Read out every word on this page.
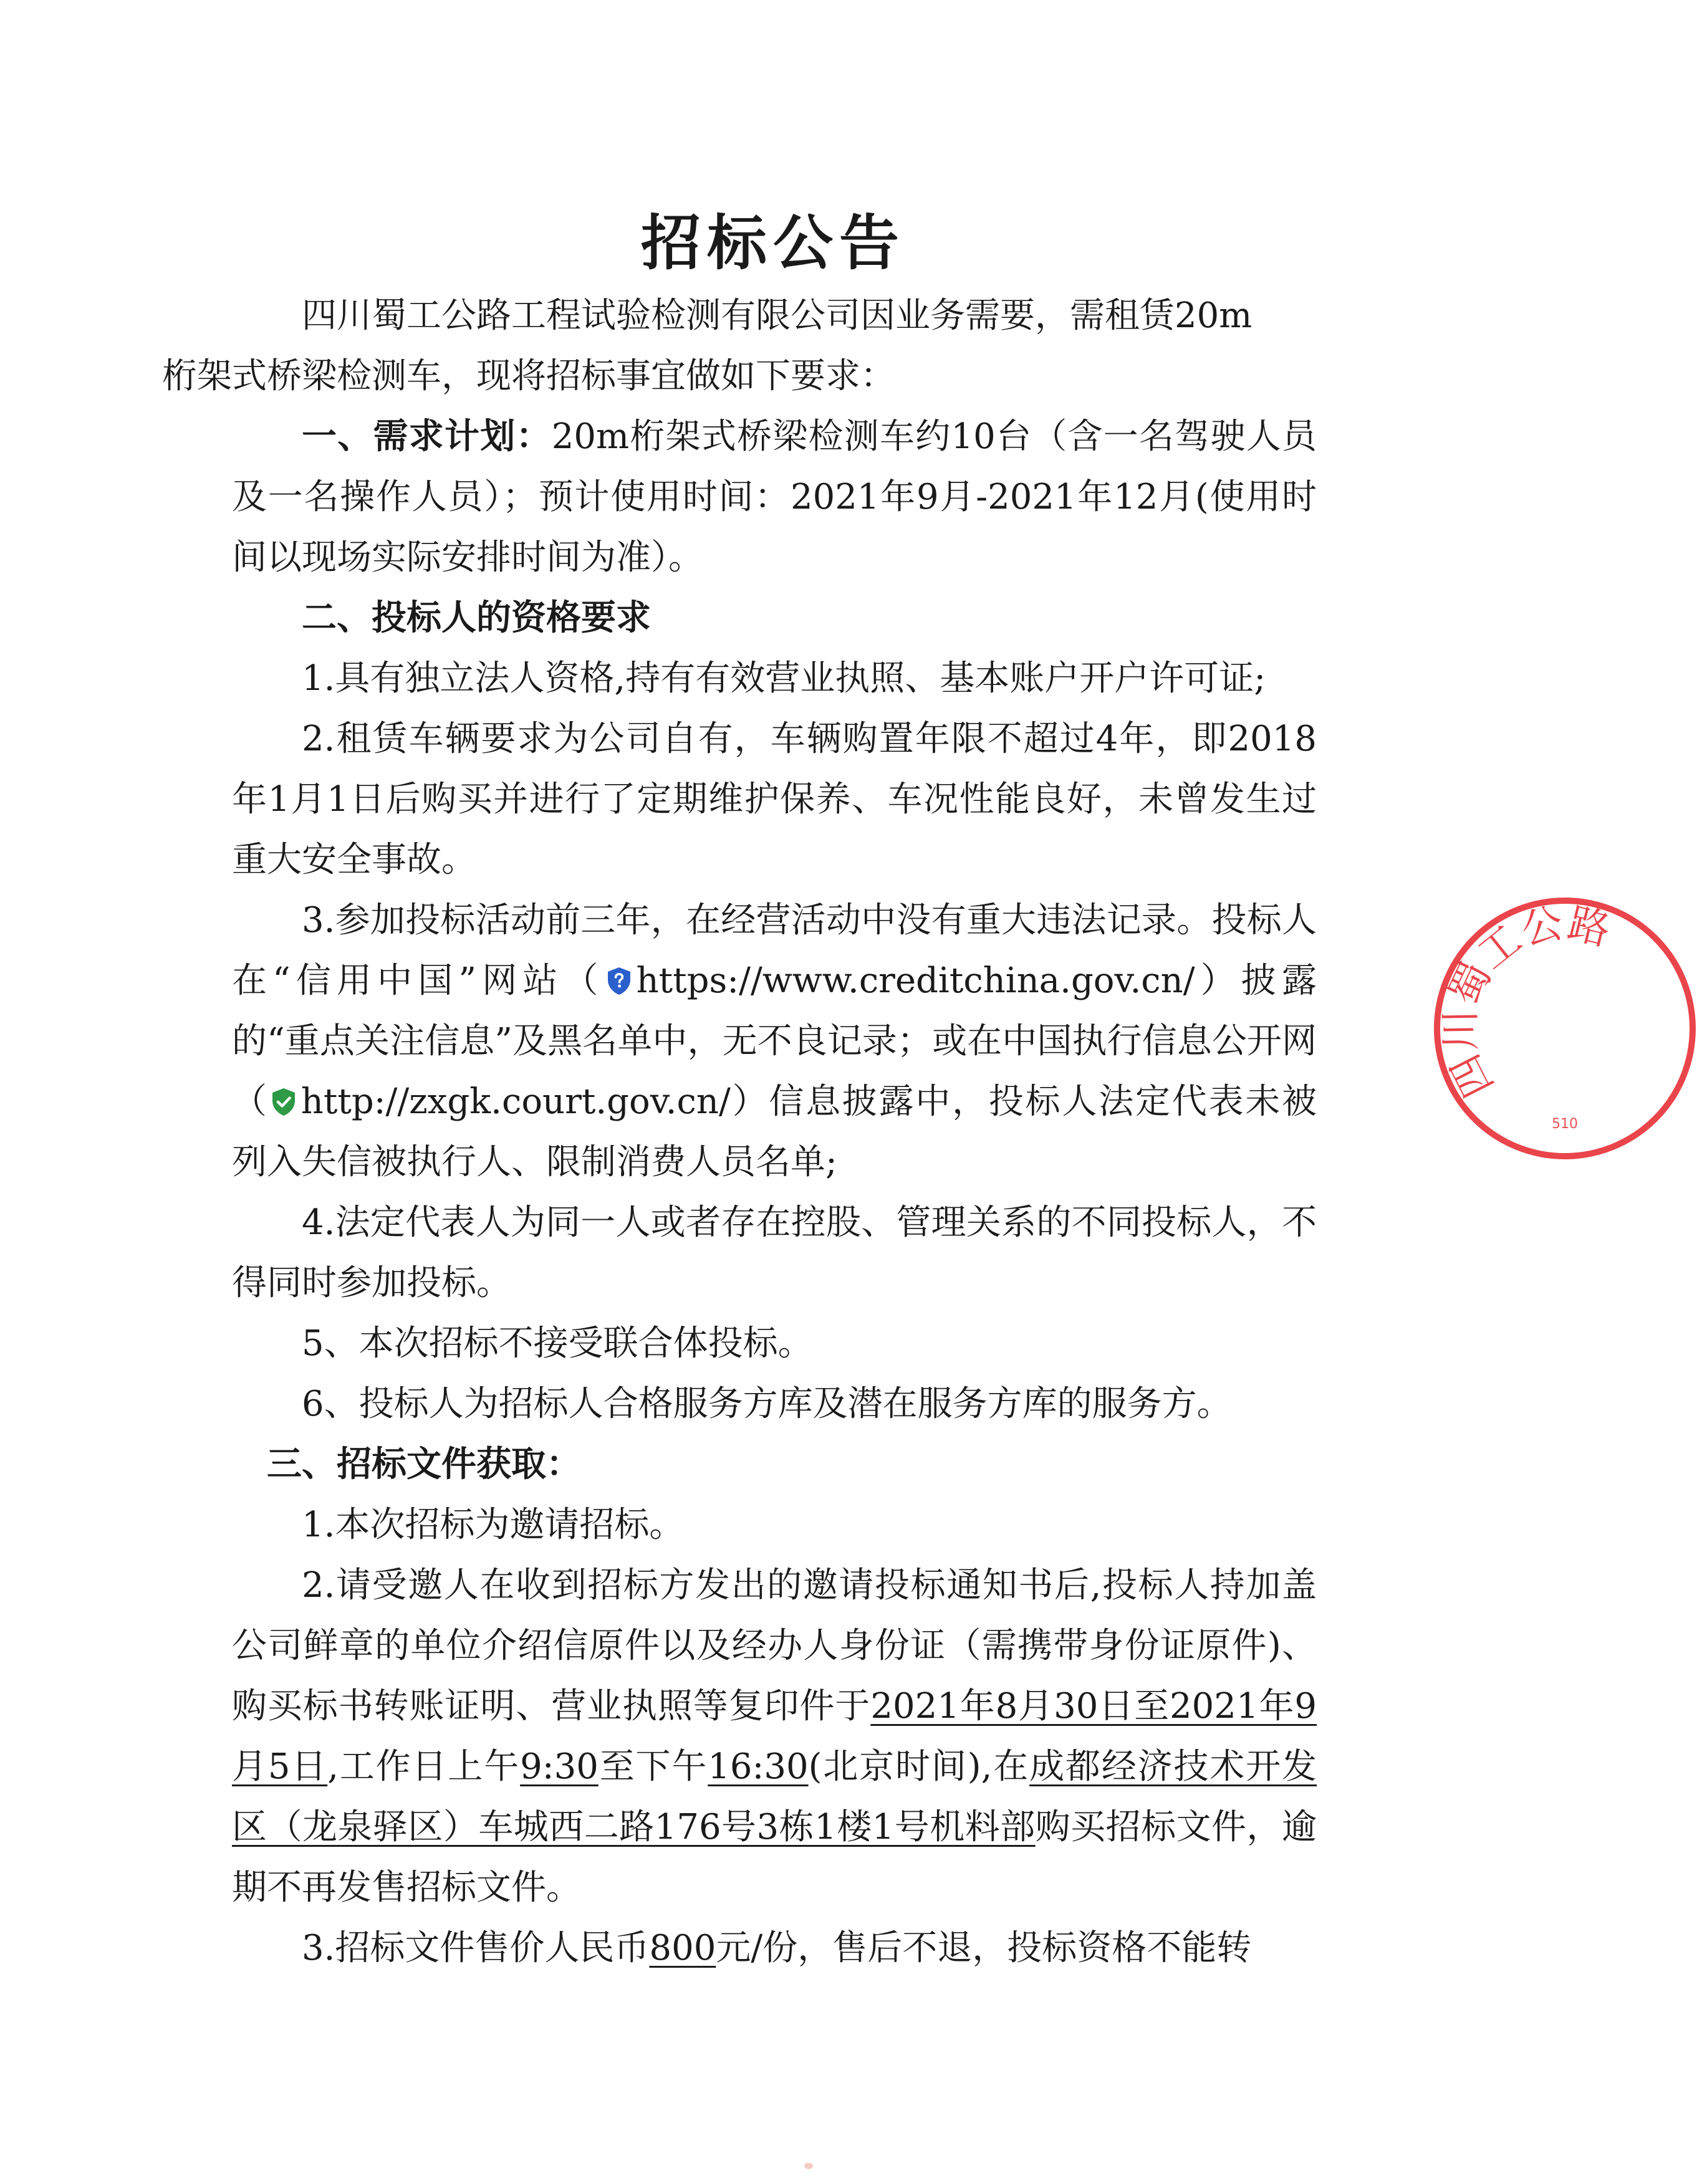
招标公告

四川蜀工公路工程试验检测有限公司因业务需要，需租赁20m
桁架式桥梁检测车，现将招标事宜做如下要求：

一、需求计划：20m桁架式桥梁检测车约10台（含一名驾驶人员及一名操作人员）；预计使用时间：2021年9月-2021年12月(使用时间以现场实际安排时间为准）。

二、投标人的资格要求

1.具有独立法人资格,持有有效营业执照、基本账户开户许可证;

2.租赁车辆要求为公司自有，车辆购置年限不超过4年，即2018年1月1日后购买并进行了定期维护保养、车况性能良好，未曾发生过重大安全事故。

3.参加投标活动前三年，在经营活动中没有重大违法记录。投标人在“信用中国”网站（ https://www.creditchina.gov.cn/）披露的“重点关注信息”及黑名单中，无不良记录；或在中国执行信息公开网（ http://zxgk.court.gov.cn/）信息披露中，投标人法定代表未被列入失信被执行人、限制消费人员名单;

4.法定代表人为同一人或者存在控股、管理关系的不同投标人，不得同时参加投标。

5、本次招标不接受联合体投标。

6、投标人为招标人合格服务方库及潜在服务方库的服务方。

三、招标文件获取：

1.本次招标为邀请招标。

2.请受邀人在收到招标方发出的邀请投标通知书后,投标人持加盖公司鲜章的单位介绍信原件以及经办人身份证（需携带身份证原件)、购买标书转账证明、营业执照等复印件于2021年8月30日至2021年9月5日,工作日上午9:30至下午16:30(北京时间),在成都经济技术开发区（龙泉驿区）车城西二路176号3栋1楼1号机料部购买招标文件，逾期不再发售招标文件。

3.招标文件售价人民币800元/份，售后不退，投标资格不能转

四川蜀工公路
510
